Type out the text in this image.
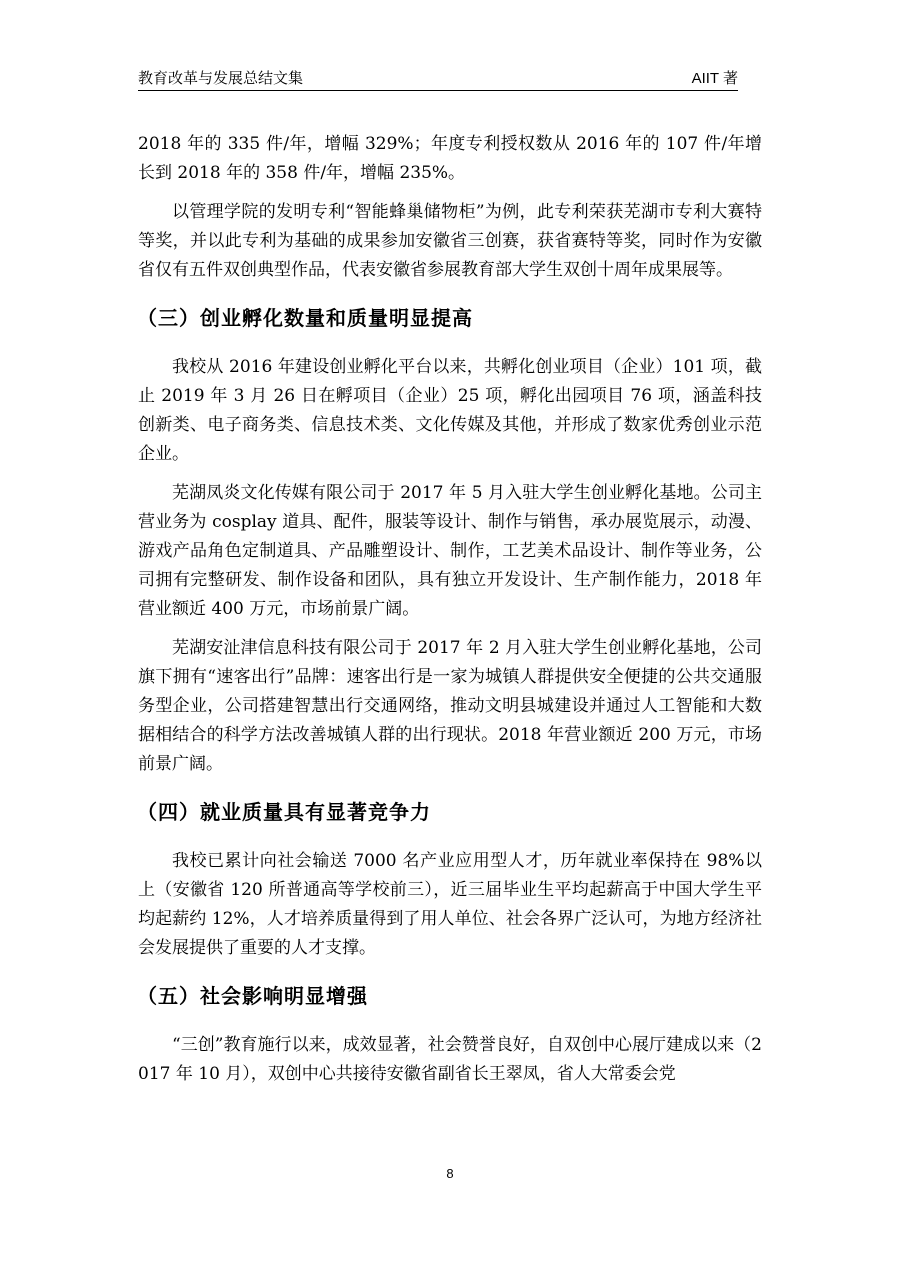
教育改革与发展总结文集	AIIT 著

2018 年的 335 件/年，增幅 329%；年度专利授权数从 2016 年的 107 件/年增长到 2018 年的 358 件/年，增幅 235%。

以管理学院的发明专利“智能蜂巢储物柜”为例，此专利荣获芜湖市专利大赛特等奖，并以此专利为基础的成果参加安徽省三创赛，获省赛特等奖，同时作为安徽省仅有五件双创典型作品，代表安徽省参展教育部大学生双创十周年成果展等。

（三）创业孵化数量和质量明显提高

我校从 2016 年建设创业孵化平台以来，共孵化创业项目（企业）101 项，截止 2019 年 3 月 26 日在孵项目（企业）25 项，孵化出园项目 76 项，涵盖科技创新类、电子商务类、信息技术类、文化传媒及其他，并形成了数家优秀创业示范企业。

芜湖凤炎文化传媒有限公司于 2017 年 5 月入驻大学生创业孵化基地。公司主营业务为 cosplay 道具、配件，服装等设计、制作与销售，承办展览展示，动漫、游戏产品角色定制道具、产品雕塑设计、制作，工艺美术品设计、制作等业务，公司拥有完整研发、制作设备和团队，具有独立开发设计、生产制作能力，2018 年营业额近 400 万元，市场前景广阔。

芜湖安沚津信息科技有限公司于 2017 年 2 月入驻大学生创业孵化基地，公司旗下拥有“速客出行”品牌：速客出行是一家为城镇人群提供安全便捷的公共交通服务型企业，公司搭建智慧出行交通网络，推动文明县城建设并通过人工智能和大数据相结合的科学方法改善城镇人群的出行现状。2018 年营业额近 200 万元，市场前景广阔。

（四）就业质量具有显著竞争力

我校已累计向社会输送 7000 名产业应用型人才，历年就业率保持在 98%以上（安徽省 120 所普通高等学校前三），近三届毕业生平均起薪高于中国大学生平均起薪约 12%，人才培养质量得到了用人单位、社会各界广泛认可，为地方经济社会发展提供了重要的人才支撑。

（五）社会影响明显增强

“三创”教育施行以来，成效显著，社会赞誉良好，自双创中心展厅建成以来（2017 年 10 月），双创中心共接待安徽省副省长王翠凤，省人大常委会党

8
